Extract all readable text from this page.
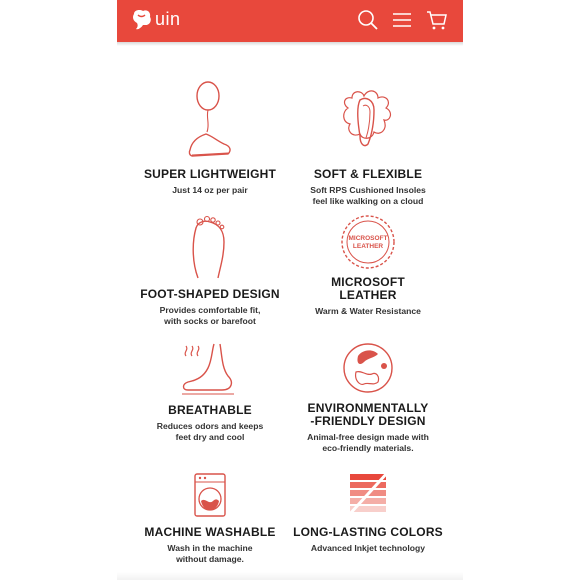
uin
SUPER LIGHTWEIGHT
Just 14 oz per pair
SOFT & FLEXIBLE
Soft RPS Cushioned Insoles
feel like walking on a cloud
FOOT-SHAPED DESIGN
Provides comfortable fit,
with socks or barefoot
MICROSOFT
LEATHER
MICROSOFT
LEATHER
Warm & Water Resistance
BREATHABLE
Reduces odors and keeps
feet dry and cool
ENVIRONMENTALLY
-FRIENDLY DESIGN
Animal-free design made with
eco-friendly materials.
MACHINE WASHABLE
Wash in the machine
without damage.
LONG-LASTING COLORS
Advanced Inkjet technology
